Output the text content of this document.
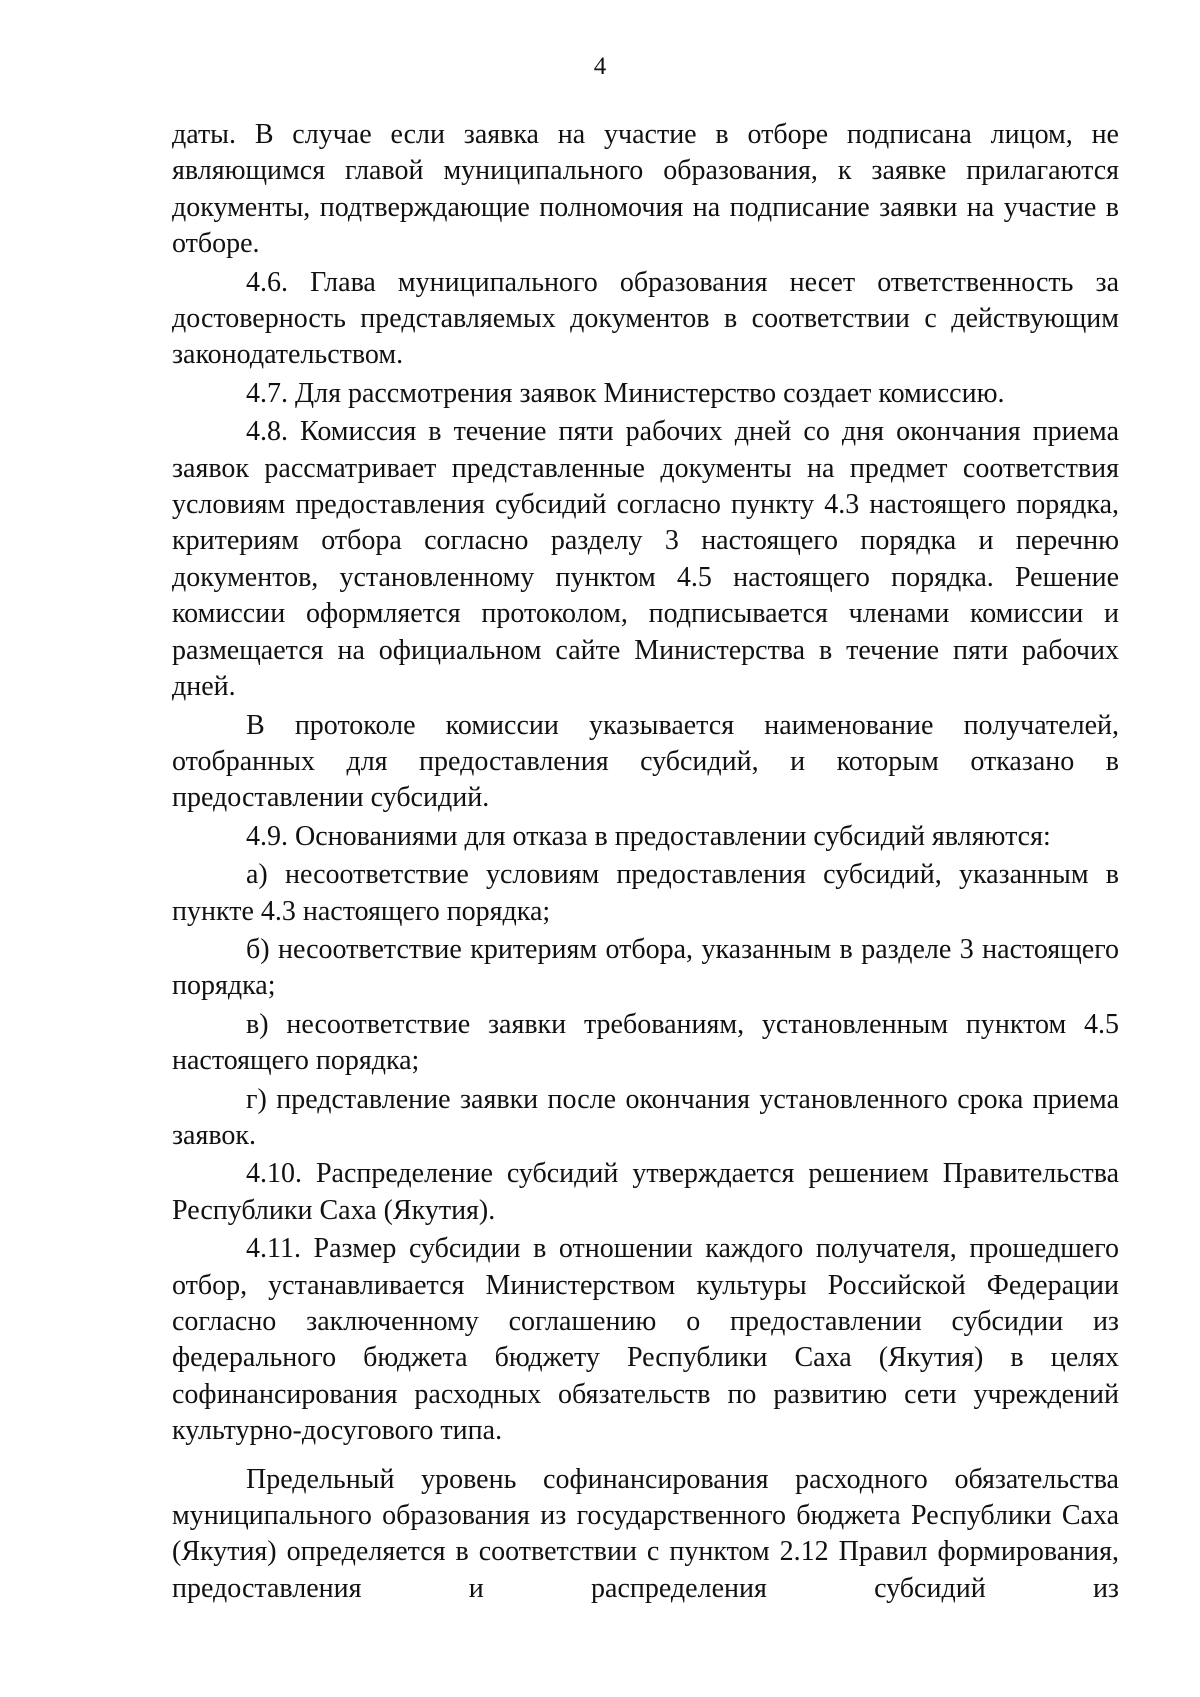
4

даты. В случае если заявка на участие в отборе подписана лицом, не являющимся главой муниципального образования, к заявке прилагаются документы, подтверждающие полномочия на подписание заявки на участие в отборе.

4.6. Глава муниципального образования несет ответственность за достоверность представляемых документов в соответствии с действующим законодательством.

4.7. Для рассмотрения заявок Министерство создает комиссию.

4.8. Комиссия в течение пяти рабочих дней со дня окончания приема заявок рассматривает представленные документы на предмет соответствия условиям предоставления субсидий согласно пункту 4.3 настоящего порядка, критериям отбора согласно разделу 3 настоящего порядка и перечню документов, установленному пунктом 4.5 настоящего порядка. Решение комиссии оформляется протоколом, подписывается членами комиссии и размещается на официальном сайте Министерства в течение пяти рабочих дней.

В протоколе комиссии указывается наименование получателей, отобранных для предоставления субсидий, и которым отказано в предоставлении субсидий.

4.9. Основаниями для отказа в предоставлении субсидий являются:

а) несоответствие условиям предоставления субсидий, указанным в пункте 4.3 настоящего порядка;

б) несоответствие критериям отбора, указанным в разделе 3 настоящего порядка;

в) несоответствие заявки требованиям, установленным пунктом 4.5 настоящего порядка;

г) представление заявки после окончания установленного срока приема заявок.

4.10. Распределение субсидий утверждается решением Правительства Республики Саха (Якутия).

4.11. Размер субсидии в отношении каждого получателя, прошедшего отбор, устанавливается Министерством культуры Российской Федерации согласно заключенному соглашению о предоставлении субсидии из федерального бюджета бюджету Республики Саха (Якутия) в целях софинансирования расходных обязательств по развитию сети учреждений культурно-досугового типа.

Предельный уровень софинансирования расходного обязательства муниципального образования из государственного бюджета Республики Саха (Якутия) определяется в соответствии с пунктом 2.12 Правил формирования, предоставления и распределения субсидий из
